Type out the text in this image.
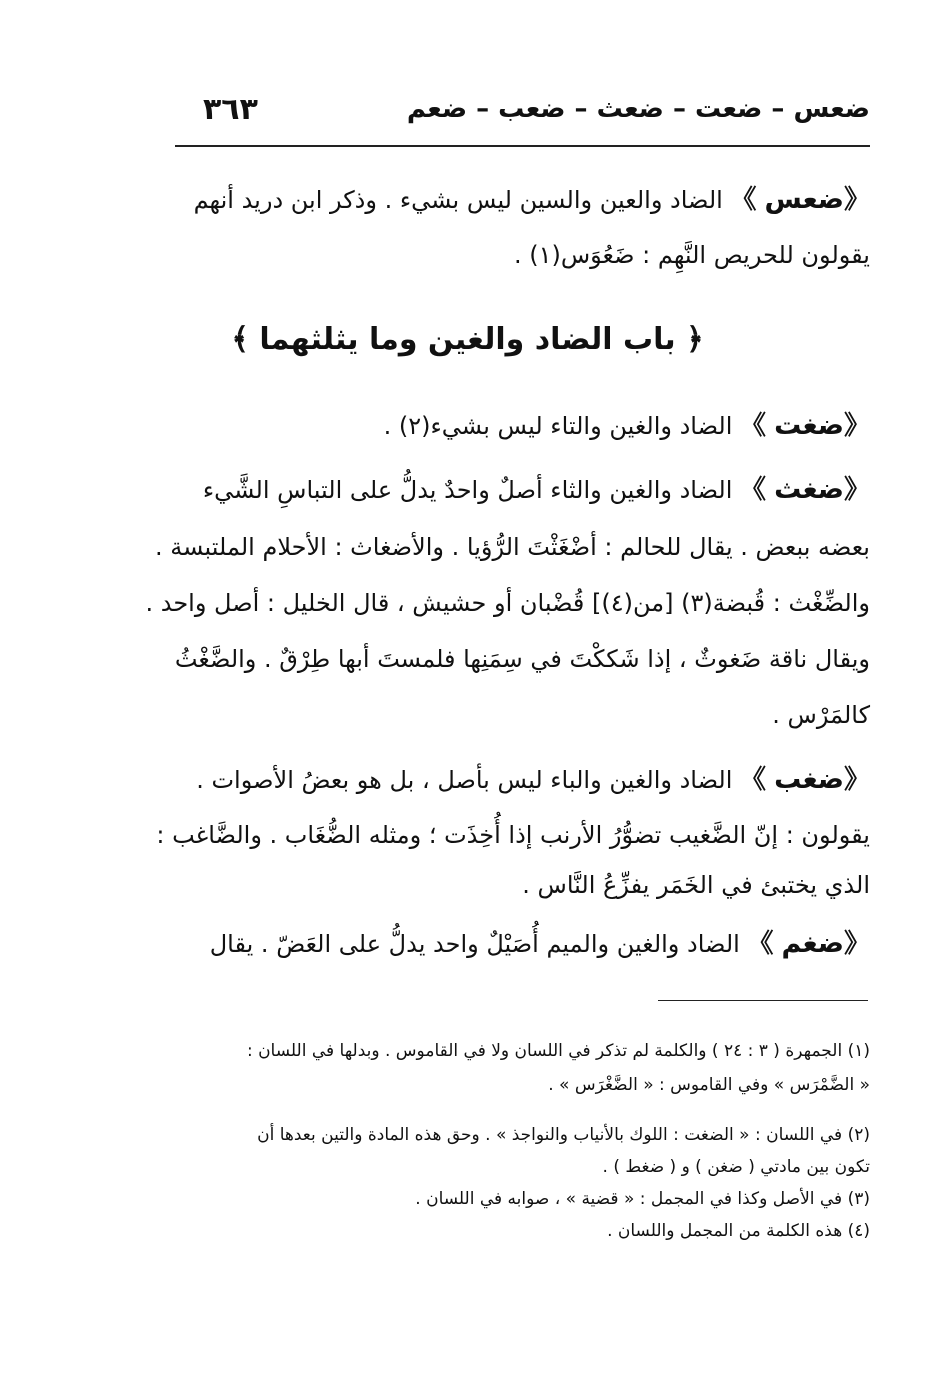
٣٦٣	ضعس – ضعت – ضعث – ضعب – ضعم
《ضعس》 الضاد والعين والسين ليس بشيء . وذكر ابن دريد أنهم
يقولون للحريص النَّهِم : ضَعُوَس(١) .
﴿ باب الضاد والغين وما يثلثهما ﴾
《ضغت》 الضاد والغين والتاء ليس بشيء(٢) .
《ضغث》 الضاد والغين والثاء أصلٌ واحدٌ يدلُّ على التباسِ الشَّيء
بعضه ببعض . يقال للحالم : أضْغَثْتَ الرُّؤيا . والأضغاث : الأحلام الملتبسة .
والضِّغْث : قُبضة(٣) [من(٤)] قُضْبان أو حشيش ، قال الخليل : أصل واحد .
ويقال ناقة ضَغوثٌ ، إذا شَككْتَ في سِمَنِها فلمستَ أبها طِرْقٌ . والضَّغْثُ
كالمَرْس .
《ضغب》 الضاد والغين والباء ليس بأصل ، بل هو بعضُ الأصوات .
يقولون : إنّ الضَّغيب تضوُّرُ الأرنب إذا أُخِذَت ؛ ومثله الضُّغَاب . والضَّاغب :
الذي يختبئ في الخَمَر يفزِّعُ النَّاس .
《ضغم》 الضاد والغين والميم أُصَيْلٌ واحد يدلُّ على العَضّ . يقال
(١) الجمهرة ( ٣ : ٢٤ ) والكلمة لم تذكر في اللسان ولا في القاموس . وبدلها في اللسان :
« الضَّمْرَس » وفي القاموس : « الضَّغْرَس » .
(٢) في اللسان : « الضغت : اللوك بالأنياب والنواجذ » . وحق هذه المادة والتين بعدها أن
تكون بين مادتي ( ضغن ) و ( ضغط ) .
(٣) في الأصل وكذا في المجمل : « قضية » ، صوابه في اللسان .
(٤) هذه الكلمة من المجمل واللسان .
